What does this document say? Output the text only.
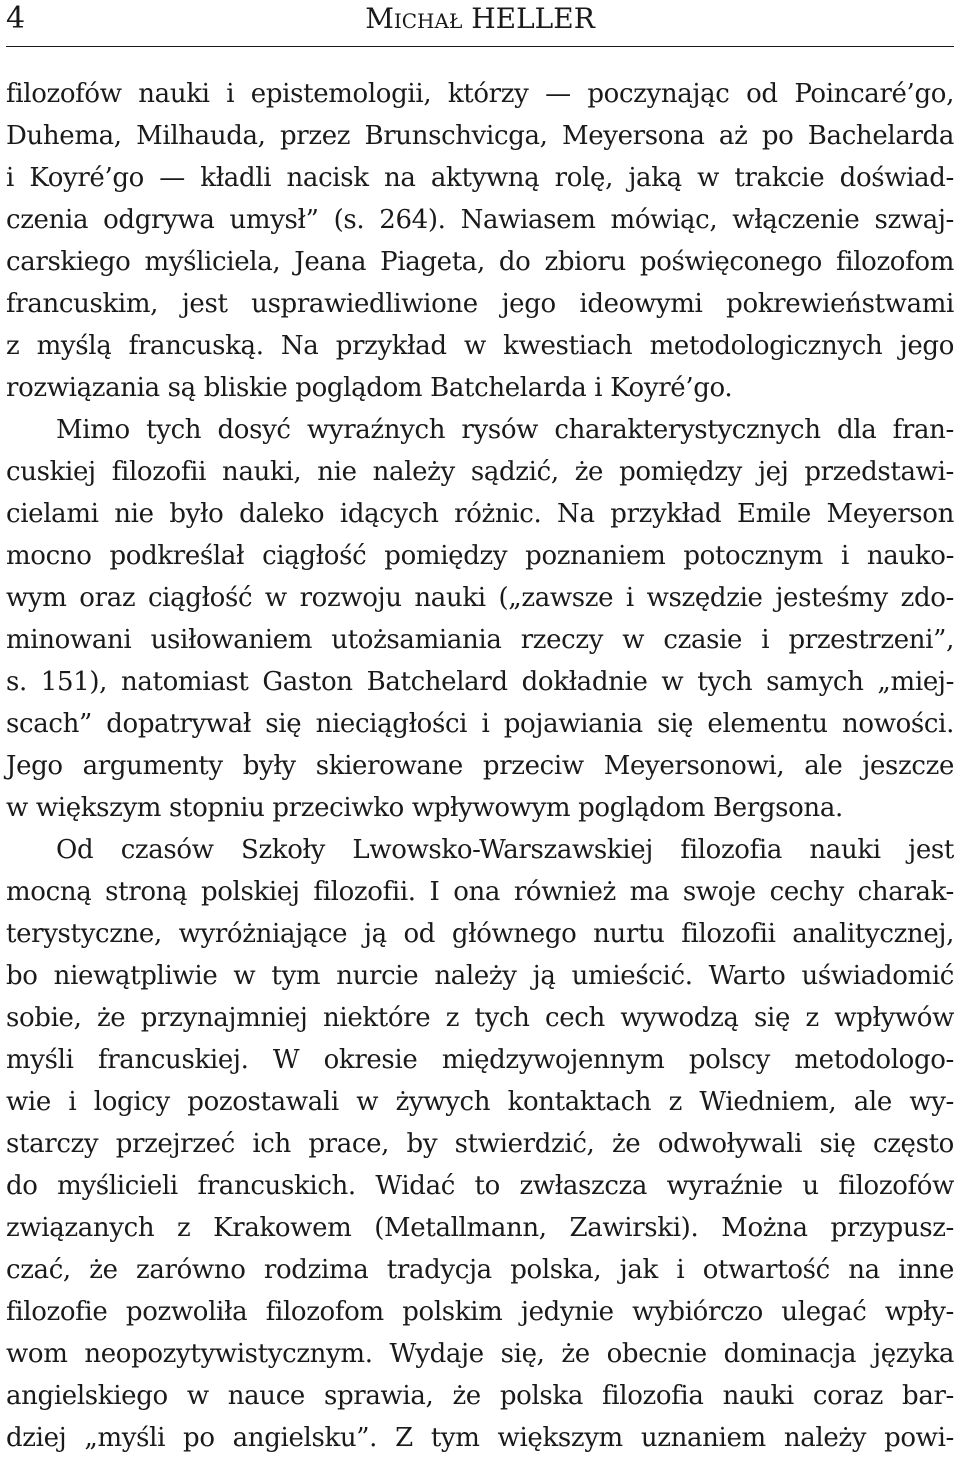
4	Michał HELLER
filozofów nauki i epistemologii, którzy — poczynając od Poincaré’go,
Duhema, Milhauda, przez Brunschvicga, Meyersona aż po Bachelarda
i Koyré’go — kładli nacisk na aktywną rolę, jaką w trakcie doświad-
czenia odgrywa umysł” (s. 264). Nawiasem mówiąc, włączenie szwaj-
carskiego myśliciela, Jeana Piageta, do zbioru poświęconego filozofom
francuskim, jest usprawiedliwione jego ideowymi pokrewieństwami
z myślą francuską. Na przykład w kwestiach metodologicznych jego
rozwiązania są bliskie poglądom Batchelarda i Koyré’go.
Mimo tych dosyć wyraźnych rysów charakterystycznych dla fran-
cuskiej filozofii nauki, nie należy sądzić, że pomiędzy jej przedstawi-
cielami nie było daleko idących różnic. Na przykład Emile Meyerson
mocno podkreślał ciągłość pomiędzy poznaniem potocznym i nauko-
wym oraz ciągłość w rozwoju nauki („zawsze i wszędzie jesteśmy zdo-
minowani usiłowaniem utożsamiania rzeczy w czasie i przestrzeni”,
s. 151), natomiast Gaston Batchelard dokładnie w tych samych „miej-
scach” dopatrywał się nieciągłości i pojawiania się elementu nowości.
Jego argumenty były skierowane przeciw Meyersonowi, ale jeszcze
w większym stopniu przeciwko wpływowym poglądom Bergsona.
Od czasów Szkoły Lwowsko-Warszawskiej filozofia nauki jest
mocną stroną polskiej filozofii. I ona również ma swoje cechy charak-
terystyczne, wyróżniające ją od głównego nurtu filozofii analitycznej,
bo niewątpliwie w tym nurcie należy ją umieścić. Warto uświadomić
sobie, że przynajmniej niektóre z tych cech wywodzą się z wpływów
myśli francuskiej. W okresie międzywojennym polscy metodologo-
wie i logicy pozostawali w żywych kontaktach z Wiedniem, ale wy-
starczy przejrzeć ich prace, by stwierdzić, że odwoływali się często
do myślicieli francuskich. Widać to zwłaszcza wyraźnie u filozofów
związanych z Krakowem (Metallmann, Zawirski). Można przypusz-
czać, że zarówno rodzima tradycja polska, jak i otwartość na inne
filozofie pozwoliła filozofom polskim jedynie wybiórczo ulegać wpły-
wom neopozytywistycznym. Wydaje się, że obecnie dominacja języka
angielskiego w nauce sprawia, że polska filozofia nauki coraz bar-
dziej „myśli po angielsku”. Z tym większym uznaniem należy powi-
